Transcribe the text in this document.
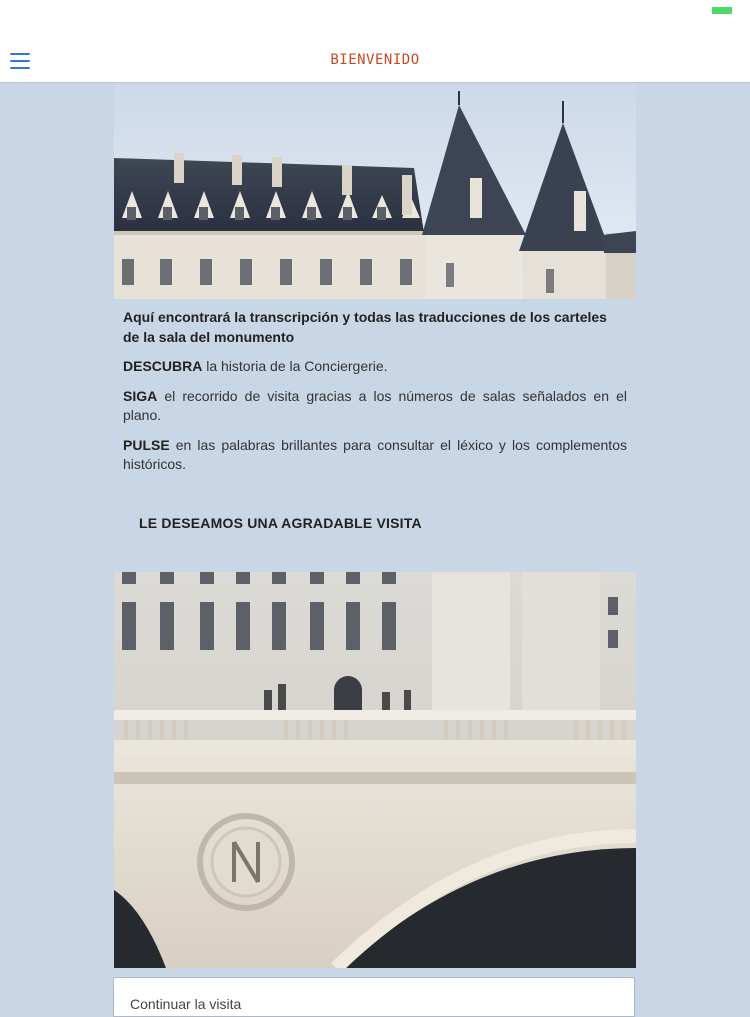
BIENVENIDO

Aquí encontrará la transcripción y todas las traducciones de los carteles de la sala del monumento

DESCUBRA la historia de la Conciergerie.

SIGA el recorrido de visita gracias a los números de salas señalados en el plano.

PULSE en las palabras brillantes para consultar el léxico y los complementos históricos.

LE DESEAMOS UNA AGRADABLE VISITA
Continuar la visita
